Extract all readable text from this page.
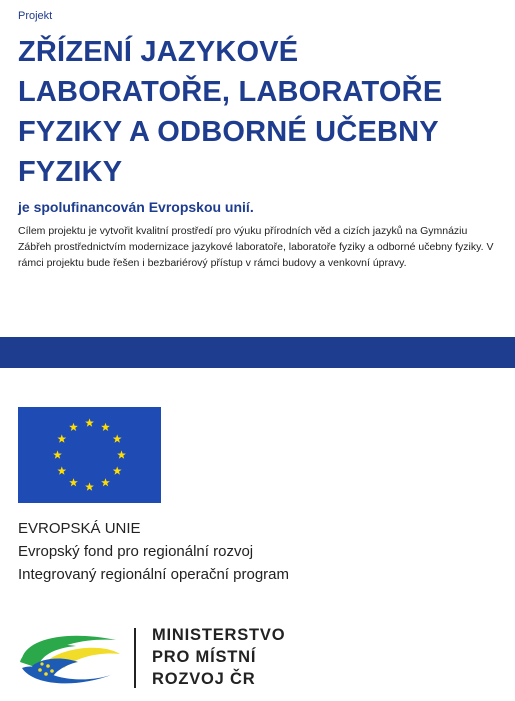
Projekt
ZŘÍZENÍ JAZYKOVÉ LABORATOŘE, LABORATOŘE FYZIKY A ODBORNÉ UČEBNY FYZIKY
je spolufinancován Evropskou unií.

Cílem projektu je vytvořit kvalitní prostředí pro výuku přírodních věd a cizích jazyků na Gymnáziu Zábřeh prostřednictvím modernizace jazykové laboratoře, laboratoře fyziky a odborné učebny fyziky. V rámci projektu bude řešen i bezbariérový přístup v rámci budovy a venkovní úpravy.

EVROPSKÁ UNIE
Evropský fond pro regionální rozvoj
Integrovaný regionální operační program
MINISTERSTVO
PRO MÍSTNÍ
ROZVOJ ČR
